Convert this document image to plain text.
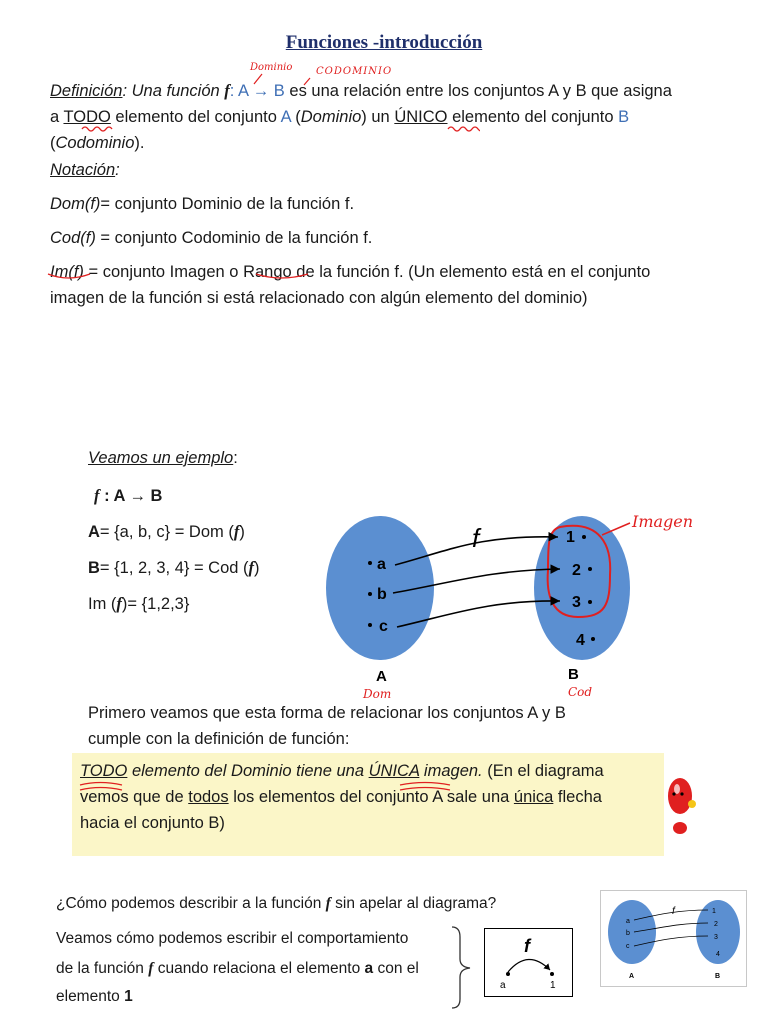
Funciones -introducción
Dominio CODOMINIO
Definición: Una función f: A → B es una relación entre los conjuntos A y B que asigna
a TODO elemento del conjunto A (Dominio) un ÚNICO elemento del conjunto B
(Codominio).
Notación:
Dom(f)= conjunto Dominio de la función f.
Cod(f) = conjunto Codominio de la función f.
Im(f) = conjunto Imagen o Rango de la función f. (Un elemento está en el conjunto
imagen de la función si está relacionado con algún elemento del dominio)
Veamos un ejemplo:
f : A → B
A= {a, b, c} = Dom (f)
B= {1, 2, 3, 4} = Cod (f)
Im (f)= {1,2,3}
f
a
b
c
1
2
3
4
A	B
Imagen
Dom	Cod
Primero veamos que esta forma de relacionar los conjuntos A y B
cumple con la definición de función:
TODO elemento del Dominio tiene una ÚNICA imagen. (En el diagrama
vemos que de todos los elementos del conjunto A sale una única flecha
hacia el conjunto B)
¿Cómo podemos describir a la función f sin apelar al diagrama?
Veamos cómo podemos escribir el comportamiento
de la función f cuando relaciona el elemento a con el
elemento 1
f
a	1
f
a
b
c
1
2
3
4
A	B
